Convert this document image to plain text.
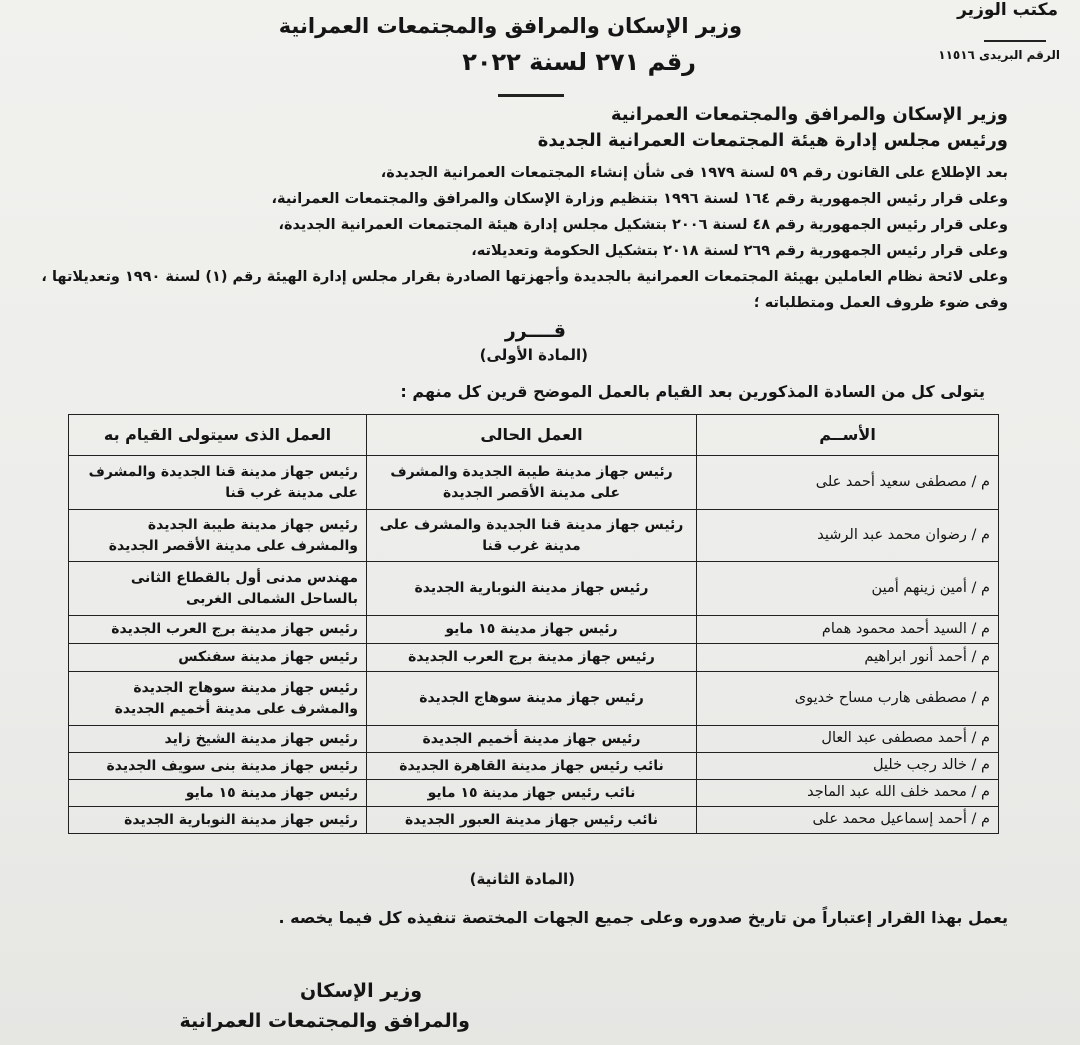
مكتب الوزير
الرقم البريدى ١١٥١٦
وزير الإسكان والمرافق والمجتمعات العمرانية
رقم ٢٧١ لسنة ٢٠٢٢
وزير الإسكان والمرافق والمجتمعات العمرانية
ورئيس مجلس إدارة هيئة المجتمعات العمرانية الجديدة
بعد الإطلاع على القانون رقم ٥٩ لسنة ١٩٧٩ فى شأن إنشاء المجتمعات العمرانية الجديدة،
وعلى قرار رئيس الجمهورية رقم ١٦٤ لسنة ١٩٩٦ بتنظيم وزارة الإسكان والمرافق والمجتمعات العمرانية،
وعلى قرار رئيس الجمهورية رقم ٤٨ لسنة ٢٠٠٦ بتشكيل مجلس إدارة هيئة المجتمعات العمرانية الجديدة،
وعلى قرار رئيس الجمهورية رقم ٢٦٩ لسنة ٢٠١٨ بتشكيل الحكومة وتعديلاته،
وعلى لائحة نظام العاملين بهيئة المجتمعات العمرانية بالجديدة وأجهزتها الصادرة بقرار مجلس إدارة الهيئة رقم (١) لسنة ١٩٩٠ وتعديلاتها ،
وفى ضوء ظروف العمل ومتطلباته ؛
قــــرر
(المادة الأولى)
يتولى كل من السادة المذكورين بعد القيام بالعمل الموضح قرين كل منهم :
الأســم	العمل الحالى	العمل الذى سيتولى القيام به
م / مصطفى سعيد أحمد على	رئيس جهاز مدينة طيبة الجديدة والمشرف على مدينة الأقصر الجديدة	رئيس جهاز مدينة قنا الجديدة والمشرف على مدينة غرب قنا
م / رضوان محمد عبد الرشيد	رئيس جهاز مدينة قنا الجديدة والمشرف على مدينة غرب قنا	رئيس جهاز مدينة طيبة الجديدة والمشرف على مدينة الأقصر الجديدة
م / أمين زينهم أمين	رئيس جهاز مدينة النوبارية الجديدة	مهندس مدنى أول بالقطاع الثانى بالساحل الشمالى الغربى
م / السيد أحمد محمود همام	رئيس جهاز مدينة ١٥ مايو	رئيس جهاز مدينة برج العرب الجديدة
م / أحمد أنور ابراهيم	رئيس جهاز مدينة برج العرب الجديدة	رئيس جهاز مدينة سفنكس
م / مصطفى هارب مساح خديوى	رئيس جهاز مدينة سوهاج الجديدة	رئيس جهاز مدينة سوهاج الجديدة والمشرف على مدينة أخميم الجديدة
م / أحمد مصطفى عبد العال	رئيس جهاز مدينة أخميم الجديدة	رئيس جهاز مدينة الشيخ زايد
م / خالد رجب خليل	نائب رئيس جهاز مدينة القاهرة الجديدة	رئيس جهاز مدينة بنى سويف الجديدة
م / محمد خلف الله عبد الماجد	نائب رئيس جهاز مدينة ١٥ مايو	رئيس جهاز مدينة ١٥ مايو
م / أحمد إسماعيل محمد على	نائب رئيس جهاز مدينة العبور الجديدة	رئيس جهاز مدينة النوبارية الجديدة
(المادة الثانية)
يعمل بهذا القرار إعتباراً من تاريخ صدوره وعلى جميع الجهات المختصة تنفيذه كل فيما يخصه .
وزير الإسكان
والمرافق والمجتمعات العمرانية
